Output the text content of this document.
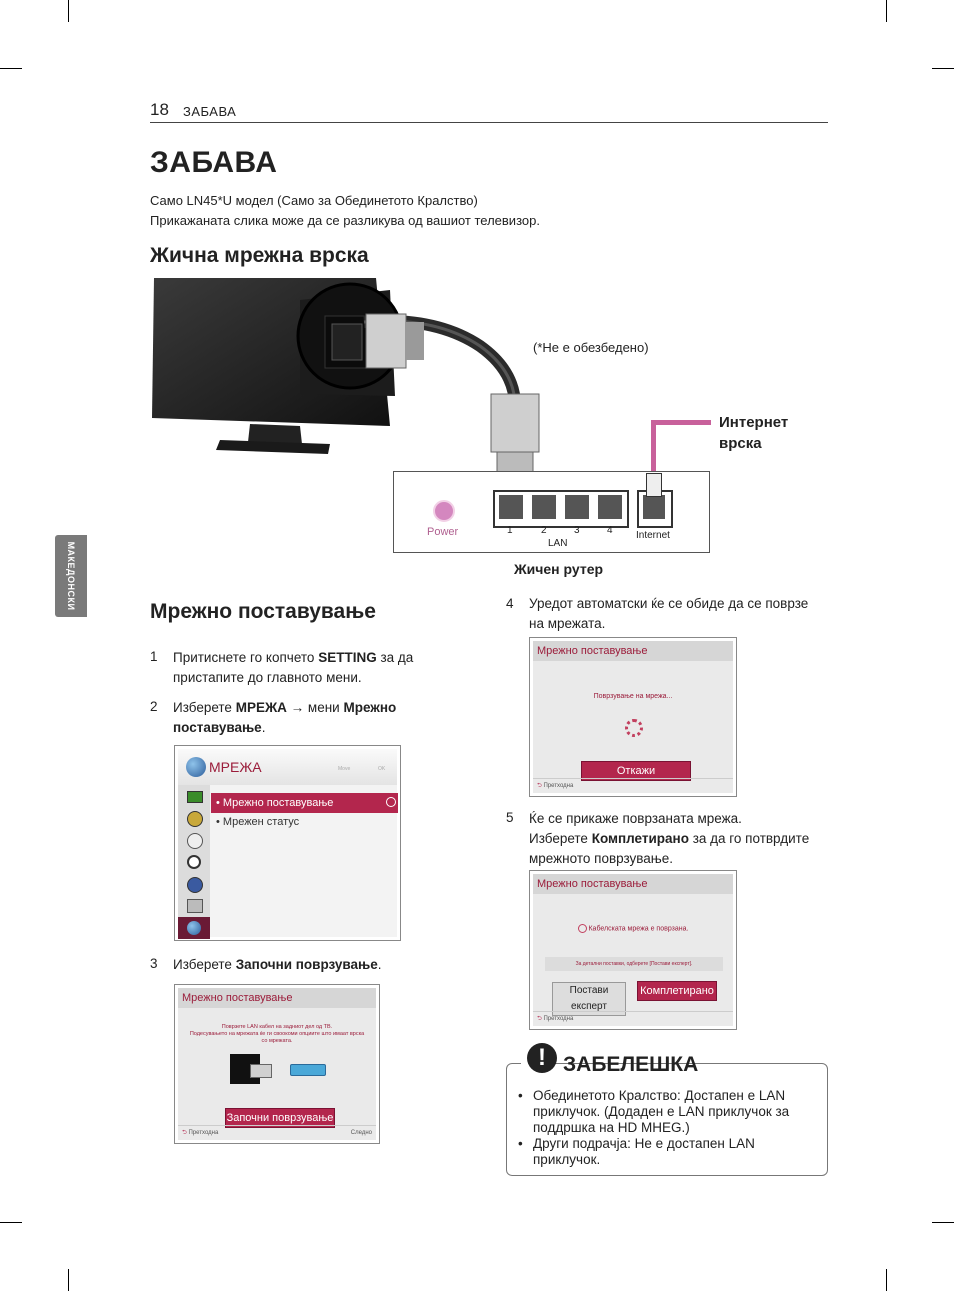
18 ЗАБАВА
ЗАБАВА
Само LN45*U модел (Само за Обединетото Кралство)
Прикажаната слика може да се разликува од вашиот телевизор.
Жична мрежна врска
МАКЕДОНСКИ
(*Не е обезбедено)
Интернет
врска
Power	1	2	3	4
LAN
Internet
Жичен рутер
Мрежно поставување
1 Притиснете го копчето SETTING за да
пристапите до главното мени.
2 Изберете МРЕЖА → мени Мрежно
поставување.
МРЕЖА	Move	OK
• Мрежно поставување
• Мрежен статус
3 Изберете Започни поврзување.
Мрежно поставување
Поврзете LAN кабел на задниот дел од ТВ.
Подесувањето на мрежата ќе ги своокоми опциите што имаат врска
со мрежата.
Започни поврзување
⮌ Претходна	Следно
4 Уредот автоматски ќе се обиде да се поврзе
на мрежата.
Мрежно поставување
Поврзување на мрежа...
Откажи
⮌ Претходна
5 Ќе се прикаже поврзаната мрежа.
Изберете Комплетирано за да го потврдите
мрежното поврзување.
Мрежно поставување
Кабелската мрежа е поврзана.
За детални поставки, одберете [Постави експерт].
Постави експерт
Комплетирано
⮌ Претходна
! ЗАБЕЛЕШКА
• Обединетото Кралство: Достапен е LAN
приклучок. (Додаден е LAN приклучок за
поддршка на HD MHEG.)
• Други подрачја: Не е достапен LAN
приклучок.
